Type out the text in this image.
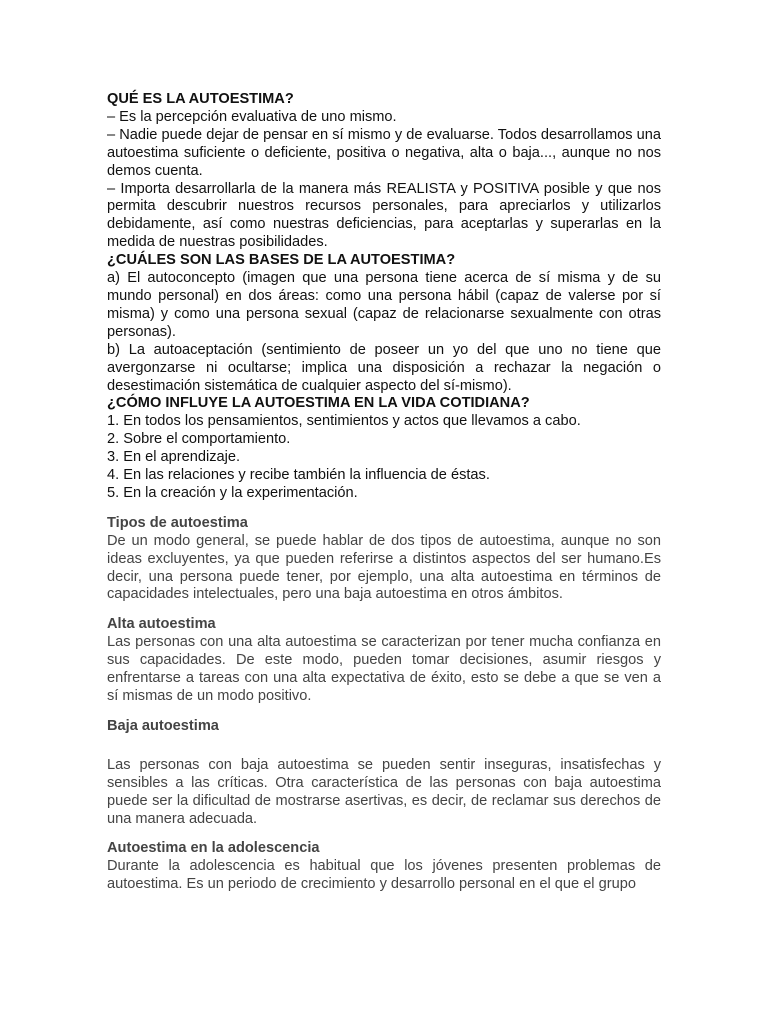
QUÉ ES LA AUTOESTIMA?

– Es la percepción evaluativa de uno mismo.

– Nadie puede dejar de pensar en sí mismo y de evaluarse. Todos desarrollamos una autoestima suficiente o deficiente, positiva o negativa, alta o baja..., aunque no nos demos cuenta.

– Importa desarrollarla de la manera más REALISTA y POSITIVA posible y que nos permita descubrir nuestros recursos personales, para apreciarlos y utilizarlos debidamente, así como nuestras deficiencias, para aceptarlas y superarlas en la medida de nuestras posibilidades.

¿CUÁLES SON LAS BASES DE LA AUTOESTIMA?

a) El autoconcepto (imagen que una persona tiene acerca de sí misma y de su mundo personal) en dos áreas: como una persona hábil (capaz de valerse por sí misma) y como una persona sexual (capaz de relacionarse sexualmente con otras personas).

b) La autoaceptación (sentimiento de poseer un yo del que uno no tiene que avergonzarse ni ocultarse; implica una disposición a rechazar la negación o desestimación sistemática de cualquier aspecto del sí-mismo).

¿CÓMO INFLUYE LA AUTOESTIMA EN LA VIDA COTIDIANA?

1. En todos los pensamientos, sentimientos y actos que llevamos a cabo.

2. Sobre el comportamiento.

3. En el aprendizaje.

4. En las relaciones y recibe también la influencia de éstas.

5. En la creación y la experimentación.

Tipos de autoestima

De un modo general, se puede hablar de dos tipos de autoestima, aunque no son ideas excluyentes, ya que pueden referirse a distintos aspectos del ser humano.Es decir, una persona puede tener, por ejemplo, una alta autoestima en términos de capacidades intelectuales, pero una baja autoestima en otros ámbitos.

Alta autoestima

Las personas con una alta autoestima se caracterizan por tener mucha confianza en sus capacidades. De este modo, pueden tomar decisiones, asumir riesgos y enfrentarse a tareas con una alta expectativa de éxito, esto se debe a que se ven a sí mismas de un modo positivo.

Baja autoestima

Las personas con baja autoestima se pueden sentir inseguras, insatisfechas y sensibles a las críticas. Otra característica de las personas con baja autoestima puede ser la dificultad de mostrarse asertivas, es decir, de reclamar sus derechos de una manera adecuada.

Autoestima en la adolescencia

Durante la adolescencia es habitual que los jóvenes presenten problemas de autoestima. Es un periodo de crecimiento y desarrollo personal en el que el grupo
